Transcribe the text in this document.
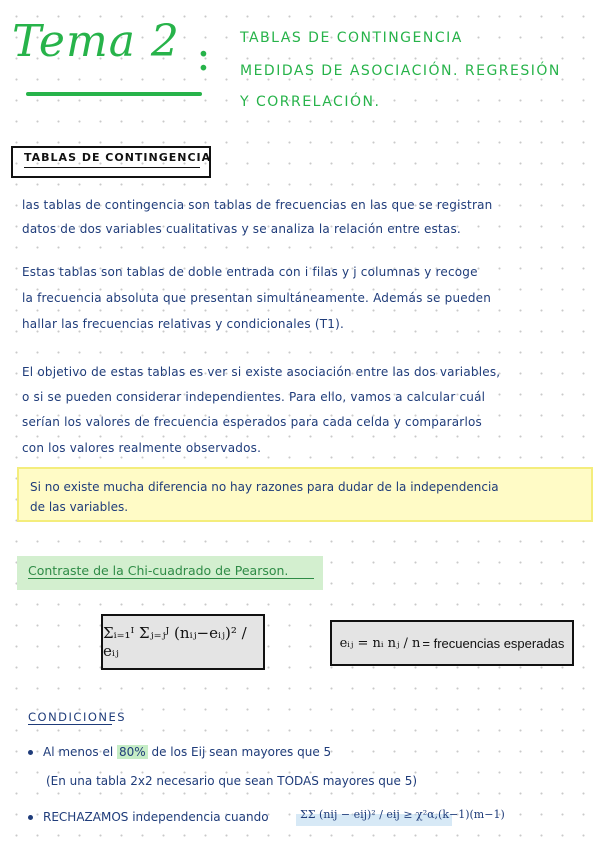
Tema 2 : TABLAS DE CONTINGENCIA
MEDIDAS DE ASOCIACIÓN. REGRESIÓN
Y CORRELACIÓN.
TABLAS DE CONTINGENCIA
las tablas de contingencia son tablas de frecuencias en las que se registran
datos de dos variables cualitativas y se analiza la relación entre estas.
Estas tablas son tablas de doble entrada con i filas y j columnas y recoge
la frecuencia absoluta que presentan simultáneamente. Además se pueden
hallar las frecuencias relativas y condicionales (T1).
El objetivo de estas tablas es ver si existe asociación entre las dos variables,
o si se pueden considerar independientes. Para ello, vamos a calcular cuál
serían los valores de frecuencia esperados para cada celda y compararlos
con los valores realmente observados.
Si no existe mucha diferencia no hay razones para dudar de la independencia
de las variables.
Contraste de la Chi-cuadrado de Pearson.
Σᵢ₌₁ᴵ Σⱼ₌ⱼᴶ (nᵢⱼ−eᵢⱼ)² / eᵢⱼ	eᵢⱼ = nᵢ nⱼ / n = frecuencias esperadas
CONDICIONES
Al menos el 80% de los Eij sean mayores que 5
(En una tabla 2x2 necesario que sean TODAS mayores que 5)
RECHAZAMOS independencia cuando	ΣΣ (nij − eij)² / eij ≥ χ²α,(k−1)(m−1)
